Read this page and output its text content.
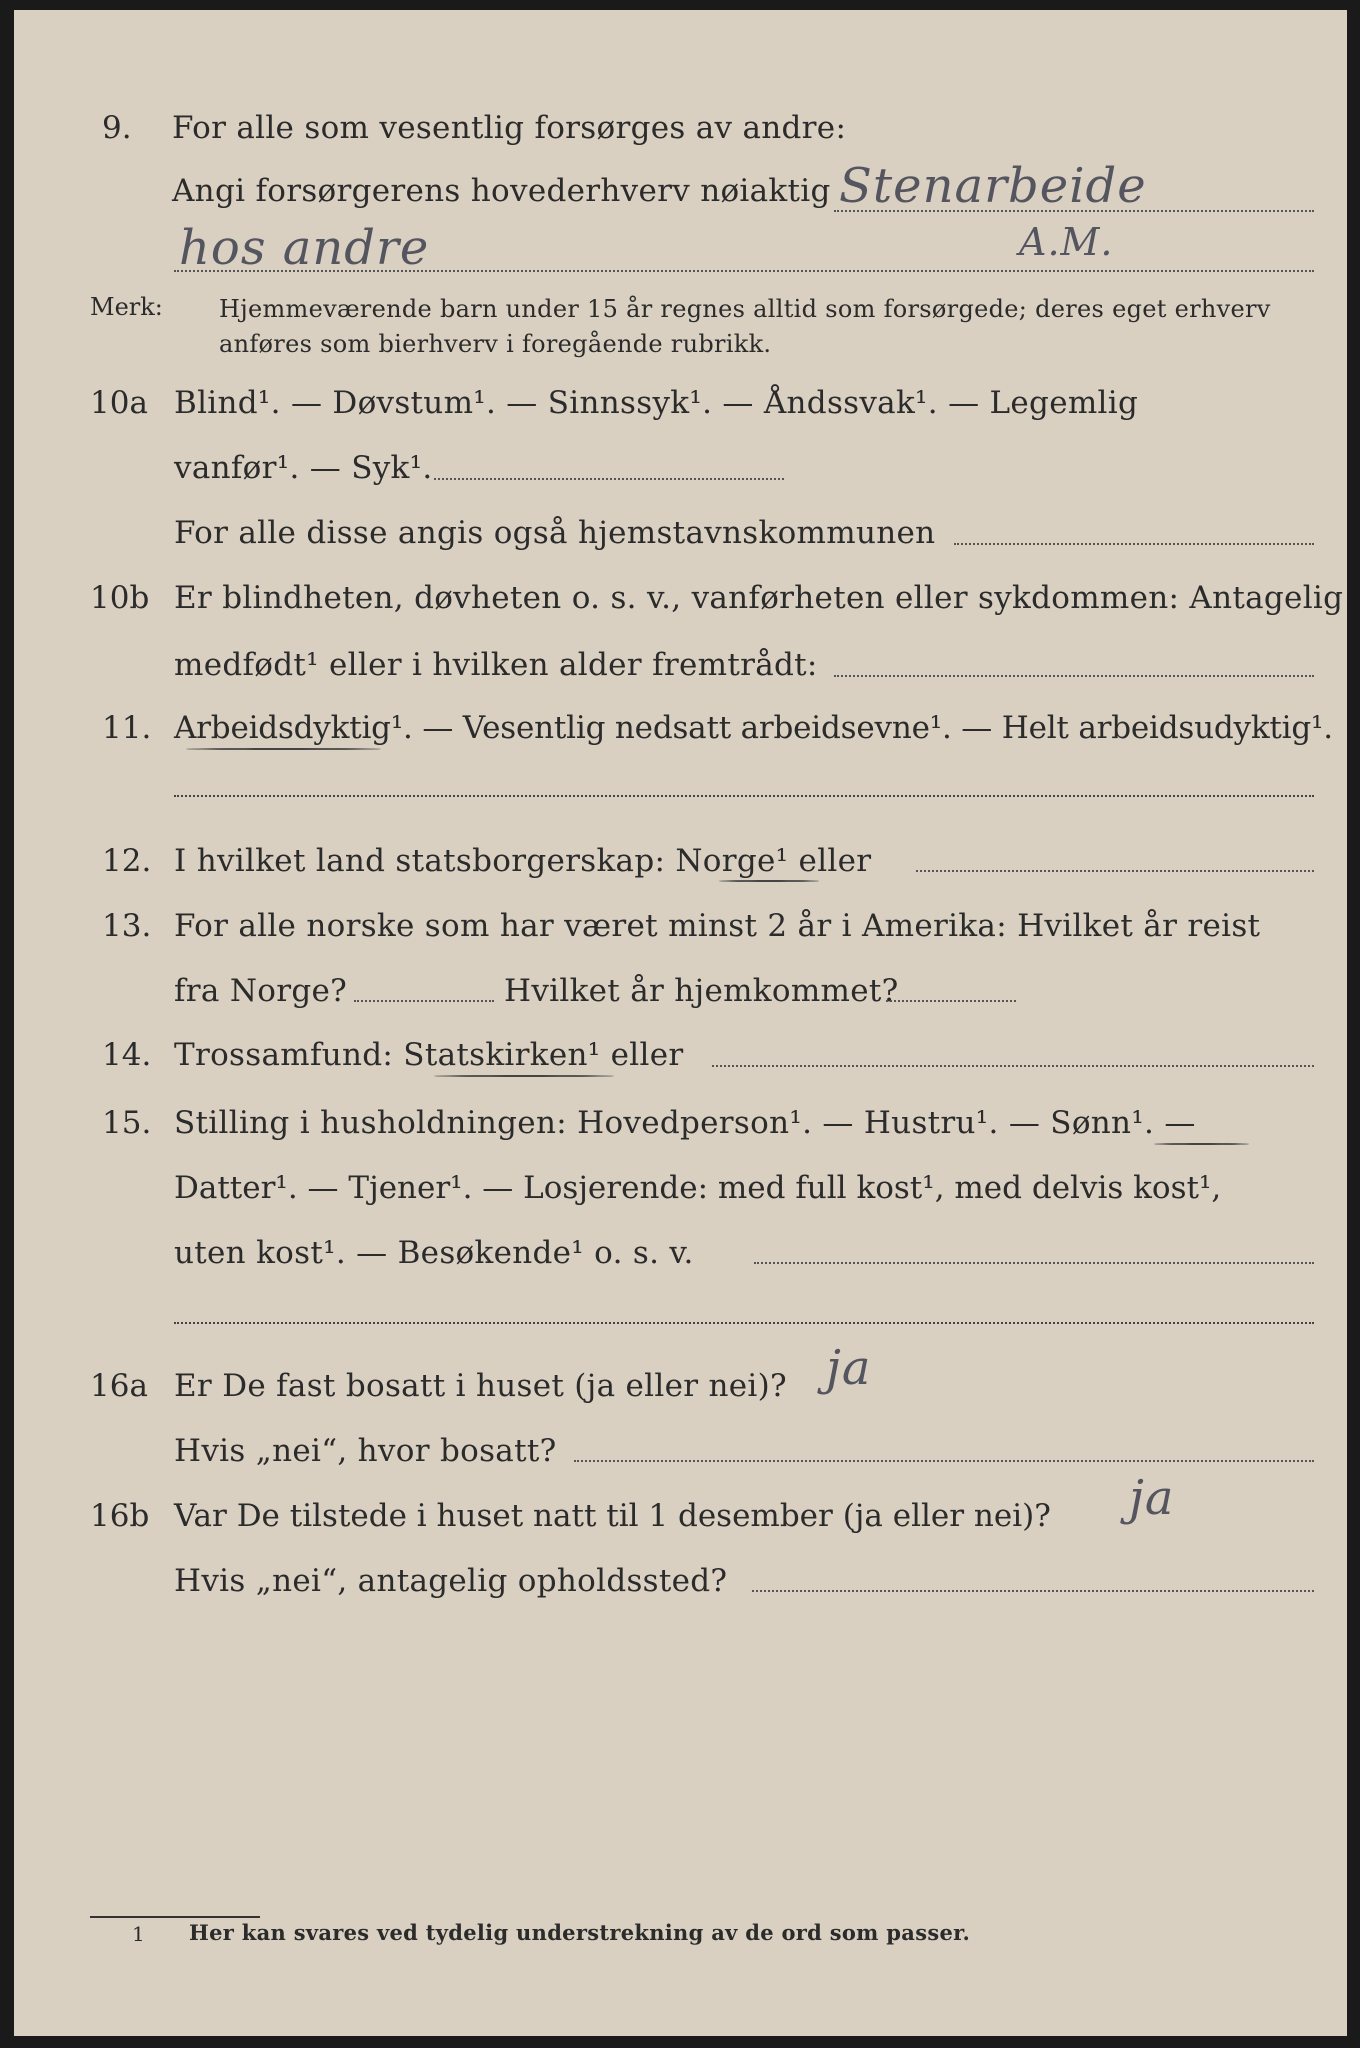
9. For alle som vesentlig forsørges av andre:
Angi forsørgerens hovederhverv nøiaktig Stenarbeide
hos andre	A.M.
Merk: Hjemmeværende barn under 15 år regnes alltid som forsørgede; deres eget erhverv
anføres som bierhverv i foregående rubrikk.
10a Blind¹. — Døvstum¹. — Sinnssyk¹. — Åndssvak¹. — Legemlig
vanfør¹. — Syk¹.
For alle disse angis også hjemstavnskommunen
10b Er blindheten, døvheten o. s. v., vanførheten eller sykdommen: Antagelig
medfødt¹ eller i hvilken alder fremtrådt:
11. Arbeidsdyktig¹. — Vesentlig nedsatt arbeidsevne¹. — Helt arbeidsudyktig¹.
12. I hvilket land statsborgerskap: Norge¹ eller
13. For alle norske som har været minst 2 år i Amerika: Hvilket år reist
fra Norge?	Hvilket år hjemkommet?
14. Trossamfund: Statskirken¹ eller
15. Stilling i husholdningen: Hovedperson¹. — Hustru¹. — Sønn¹. —
Datter¹. — Tjener¹. — Losjerende: med full kost¹, med delvis kost¹,
uten kost¹. — Besøkende¹ o. s. v.
16a Er De fast bosatt i huset (ja eller nei)? ja
Hvis „nei“, hvor bosatt?
16b Var De tilstede i huset natt til 1 desember (ja eller nei)? ja
Hvis „nei“, antagelig opholdssted?
1 Her kan svares ved tydelig understrekning av de ord som passer.
